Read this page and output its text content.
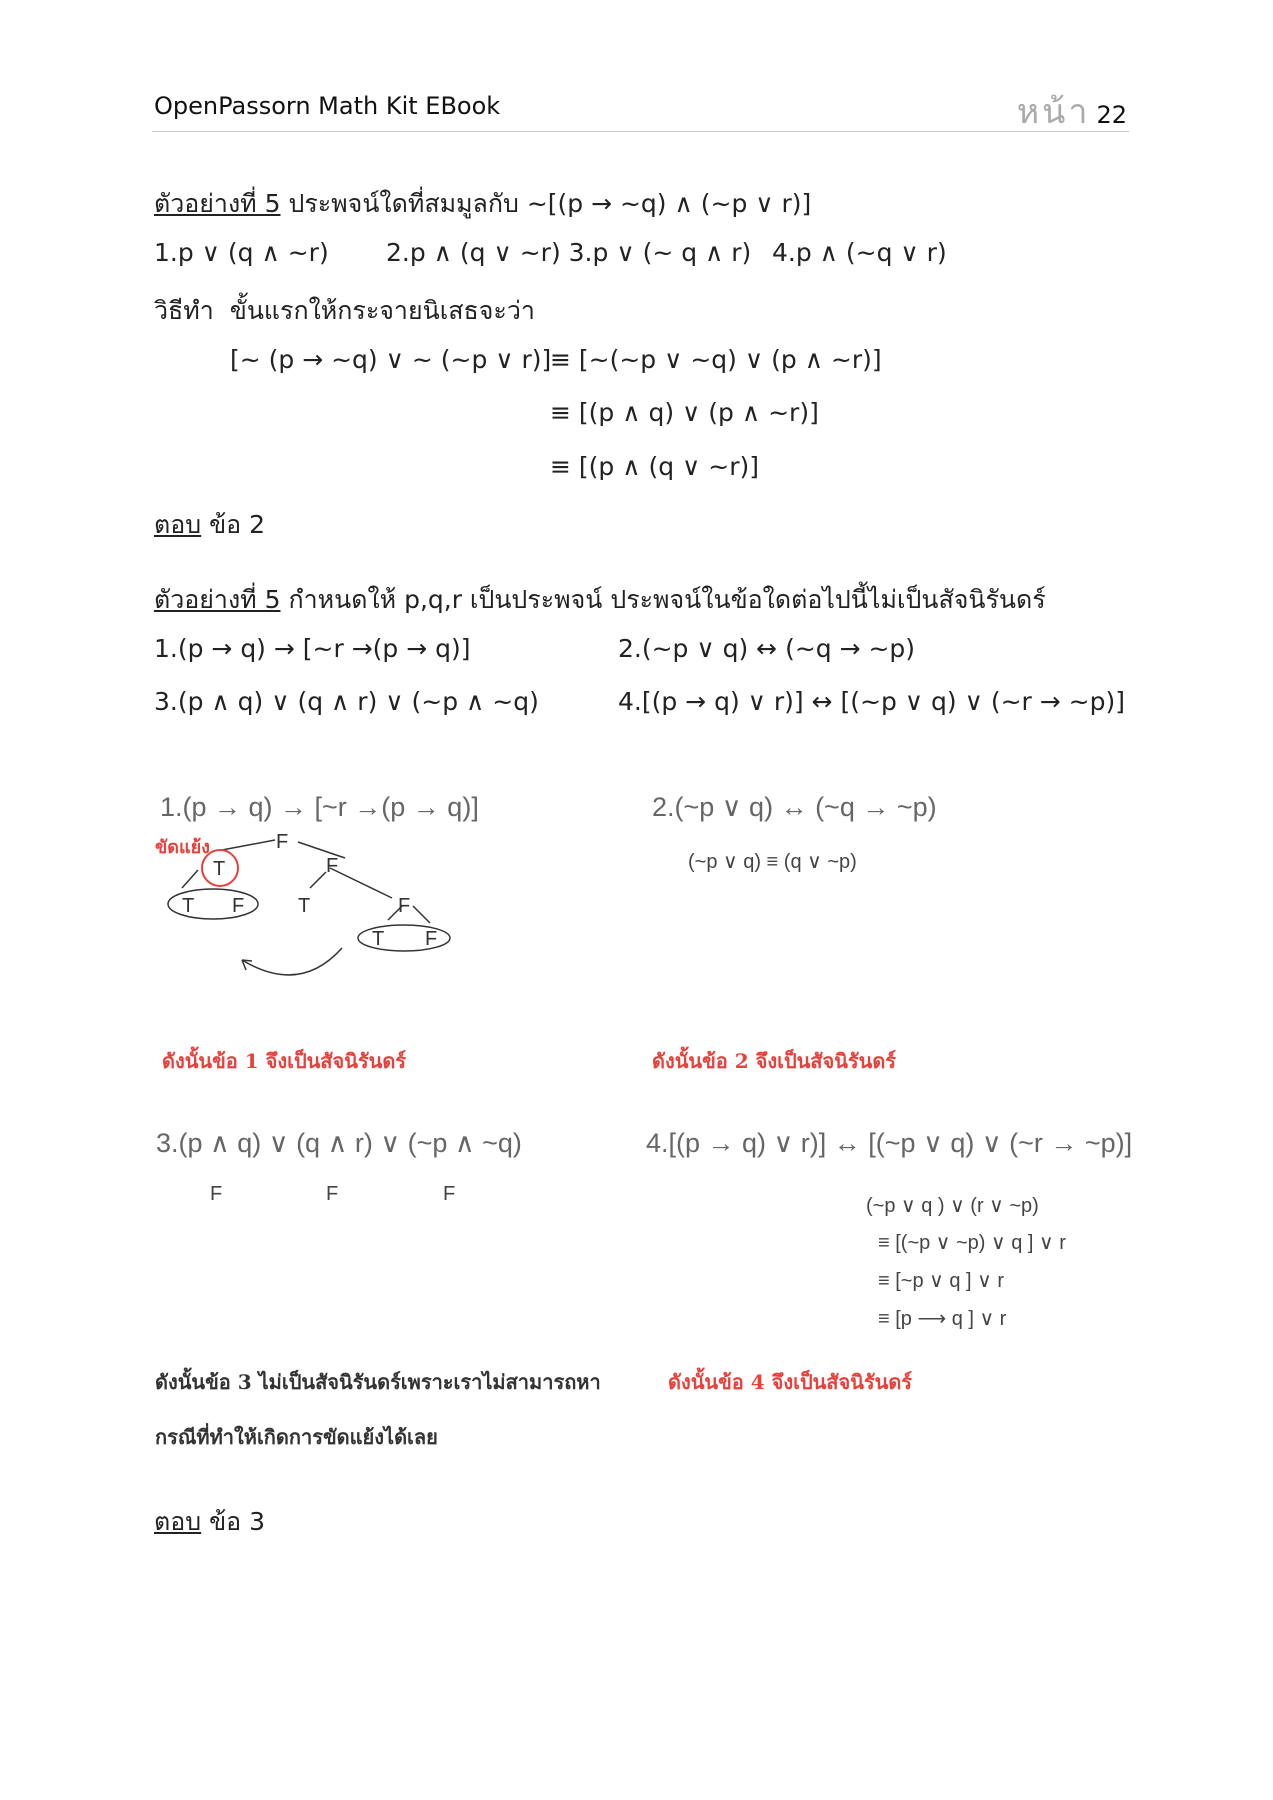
OpenPassorn Math Kit EBook	หน้า 22
ตัวอย่างที่ 5 ประพจน์ใดที่สมมูลกับ ~[(p → ~q) ∧ (~p ∨ r)]
1.p ∨ (q ∧ ~r) 2.p ∧ (q ∨ ~r) 3.p ∨ (~ q ∧ r) 4.p ∧ (~q ∨ r)
วิธีทำ ขั้นแรกให้กระจายนิเสธจะว่า
[~ (p → ~q) ∨ ~ (~p ∨ r)]
≡ [~(~p ∨ ~q) ∨ (p ∧ ~r)]
≡ [(p ∧ q) ∨ (p ∧ ~r)]
≡ [(p ∧ (q ∨ ~r)]
ตอบ ข้อ 2
ตัวอย่างที่ 5 กำหนดให้ p,q,r เป็นประพจน์ ประพจน์ในข้อใดต่อไปนี้ไม่เป็นสัจนิรันดร์
1.(p → q) → [~r →(p → q)]	2.(~p ∨ q) ↔ (~q → ~p)
3.(p ∧ q) ∨ (q ∧ r) ∨ (~p ∧ ~q)	4.[(p → q) ∨ r)] ↔ [(~p ∨ q) ∨ (~r → ~p)]
1.(p → q) → [~r →(p → q)]
ขัดแย้ง	F
T
T F
F
T	F
T F
ดังนั้นข้อ 1 จึงเป็นสัจนิรันดร์
2.(~p ∨ q) ↔ (~q → ~p)
(~p ∨ q) ≡ (q ∨ ~p)
ดังนั้นข้อ 2 จึงเป็นสัจนิรันดร์
3.(p ∧ q) ∨ (q ∧ r) ∨ (~p ∧ ~q)
F	F	F
ดังนั้นข้อ 3 ไม่เป็นสัจนิรันดร์เพราะเราไม่สามารถหา
กรณีที่ทำให้เกิดการขัดแย้งได้เลย
4.[(p → q) ∨ r)] ↔ [(~p ∨ q) ∨ (~r → ~p)]
(~p ∨ q ) ∨ (r ∨ ~p)
≡ [(~p ∨ ~p) ∨ q ] ∨ r
≡ [~p ∨ q ] ∨ r
≡ [p ⟶ q ] ∨ r
ดังนั้นข้อ 4 จึงเป็นสัจนิรันดร์
ตอบ ข้อ 3
